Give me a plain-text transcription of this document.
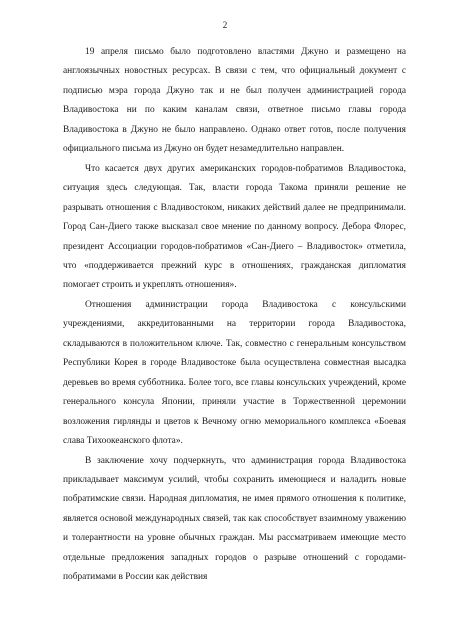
2

19 апреля письмо было подготовлено властями Джуно и размещено на англоязычных новостных ресурсах. В связи с тем, что официальный документ с подписью мэра города Джуно так и не был получен администрацией города Владивостока ни по каким каналам связи, ответное письмо главы города Владивостока в Джуно не было направлено. Однако ответ готов, после получения официального письма из Джуно он будет незамедлительно направлен.

Что касается двух других американских городов-побратимов Владивостока, ситуация здесь следующая. Так, власти города Такома приняли решение не разрывать отношения с Владивостоком, никаких действий далее не предпринимали. Город Сан-Диего также высказал свое мнение по данному вопросу. Дебора Флорес, президент Ассоциации городов-побратимов «Сан-Диего – Владивосток» отметила, что «поддерживается прежний курс в отношениях, гражданская дипломатия помогает строить и укреплять отношения».

Отношения администрации города Владивостока с консульскими учреждениями, аккредитованными на территории города Владивостока, складываются в положительном ключе. Так, совместно с генеральным консульством Республики Корея в городе Владивостоке была осуществлена совместная высадка деревьев во время субботника. Более того, все главы консульских учреждений, кроме генерального консула Японии, приняли участие в Торжественной церемонии возложения гирлянды и цветов к Вечному огню мемориального комплекса «Боевая слава Тихоокеанского флота».

В заключение хочу подчеркнуть, что администрация города Владивостока прикладывает максимум усилий, чтобы сохранить имеющиеся и наладить новые побратимские связи. Народная дипломатия, не имея прямого отношения к политике, является основой международных связей, так как способствует взаимному уважению и толерантности на уровне обычных граждан. Мы рассматриваем имеющие место отдельные предложения западных городов о разрыве отношений с городами-побратимами в России как действия
